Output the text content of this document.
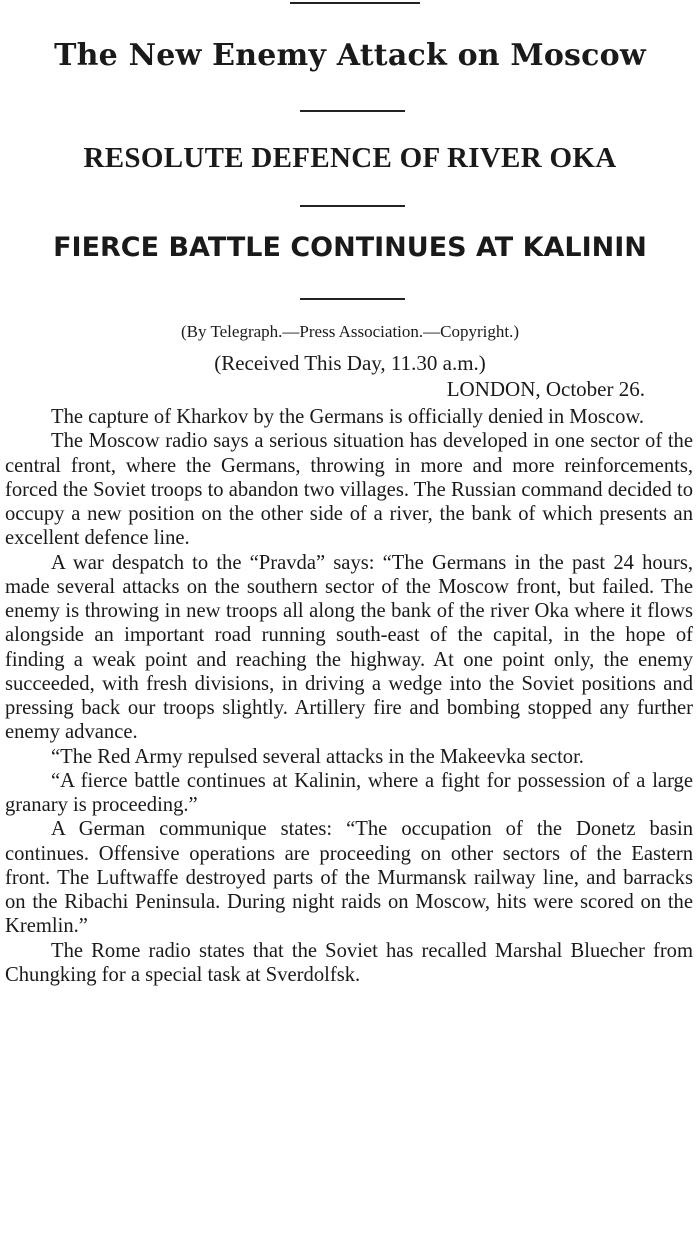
The New Enemy Attack on Moscow
RESOLUTE DEFENCE OF RIVER OKA
FIERCE BATTLE CONTINUES AT KALININ
(By Telegraph.—Press Association.—Copyright.)
(Received This Day, 11.30 a.m.)
LONDON, October 26.

The capture of Kharkov by the Germans is officially denied in Moscow.

The Moscow radio says a serious situation has developed in one sector of the central front, where the Germans, throwing in more and more reinforcements, forced the Soviet troops to abandon two villages. The Russian command decided to occupy a new position on the other side of a river, the bank of which presents an excellent defence line.

A war despatch to the “Pravda” says: “The Germans in the past 24 hours, made several attacks on the southern sector of the Moscow front, but failed. The enemy is throwing in new troops all along the bank of the river Oka where it flows alongside an important road running south-east of the capital, in the hope of finding a weak point and reaching the highway. At one point only, the enemy succeeded, with fresh divisions, in driving a wedge into the Soviet positions and pressing back our troops slightly. Artillery fire and bombing stopped any further enemy advance.

“The Red Army repulsed several attacks in the Makeevka sector.

“A fierce battle continues at Kalinin, where a fight for possession of a large granary is proceeding.”

A German communique states: “The occupation of the Donetz basin continues. Offensive operations are proceeding on other sectors of the Eastern front. The Luftwaffe destroyed parts of the Murmansk railway line, and barracks on the Ribachi Peninsula. During night raids on Moscow, hits were scored on the Kremlin.”

The Rome radio states that the Soviet has recalled Marshal Bluecher from Chungking for a special task at Sverdolfsk.
